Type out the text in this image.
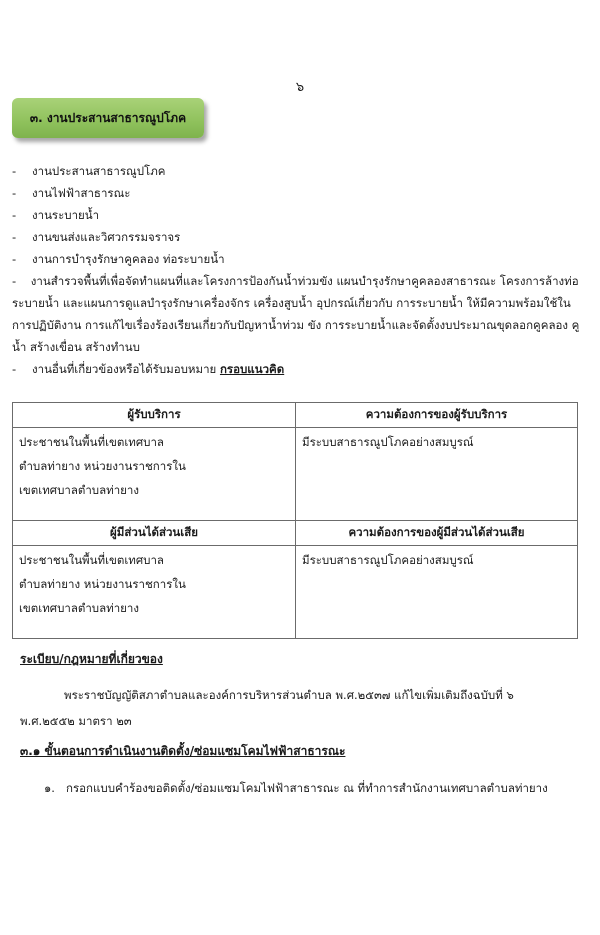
๖
๓. งานประสานสาธารณูปโภค
-	งานประสานสาธารณูปโภค
-	งานไฟฟ้าสาธารณะ
-	งานระบายน้ำ
-	งานขนส่งและวิศวกรรมจราจร
-	งานการบำรุงรักษาคูคลอง ท่อระบายน้ำ
-    งานสำรวจพื้นที่เพื่อจัดทำแผนที่และโครงการป้องกันน้ำท่วมขัง แผนบำรุงรักษาคูคลองสาธารณะ โครงการล้างท่อระบายน้ำ และแผนการดูแลบำรุงรักษาเครื่องจักร เครื่องสูบน้ำ อุปกรณ์เกี่ยวกับ การระบายน้ำ ให้มีความพร้อมใช้ในการปฏิบัติงาน การแก้ไขเรื่องร้องเรียนเกี่ยวกับปัญหาน้ำท่วม ขัง การระบายน้ำและจัดตั้งงบประมาณขุดลอกคูคลอง คูน้ำ สร้างเขื่อน สร้างทำนบ
-	งานอื่นที่เกี่ยวข้องหรือได้รับมอบหมาย กรอบแนวคิด
ผู้รับบริการ	ความต้องการของผู้รับบริการ

ประชาชนในพื้นที่เขตเทศบาล
ตำบลท่ายาง หน่วยงานราชการใน
เขตเทศบาลตำบลท่ายาง	มีระบบสาธารณูปโภคอย่างสมบูรณ์
ผู้มีส่วนได้ส่วนเสีย	ความต้องการของผู้มีส่วนได้ส่วนเสีย

ประชาชนในพื้นที่เขตเทศบาล
ตำบลท่ายาง หน่วยงานราชการใน
เขตเทศบาลตำบลท่ายาง	มีระบบสาธารณูปโภคอย่างสมบูรณ์
ระเบียบ/กฎหมายที่เกี่ยวของ
พระราชบัญญัติสภาตำบลและองค์การบริหารส่วนตำบล พ.ศ.๒๕๓๗ แก้ไขเพิ่มเติมถึงฉบับที่ ๖ พ.ศ.๒๕๕๒ มาตรา ๒๓
๓.๑ ขั้นตอนการดำเนินงานติดตั้ง/ซ่อมแซมโคมไฟฟ้าสาธารณะ
๑. กรอกแบบคำร้องขอติดตั้ง/ซ่อมแซมโคมไฟฟ้าสาธารณะ ณ ที่ทำการสำนักงานเทศบาลตำบลท่ายาง
